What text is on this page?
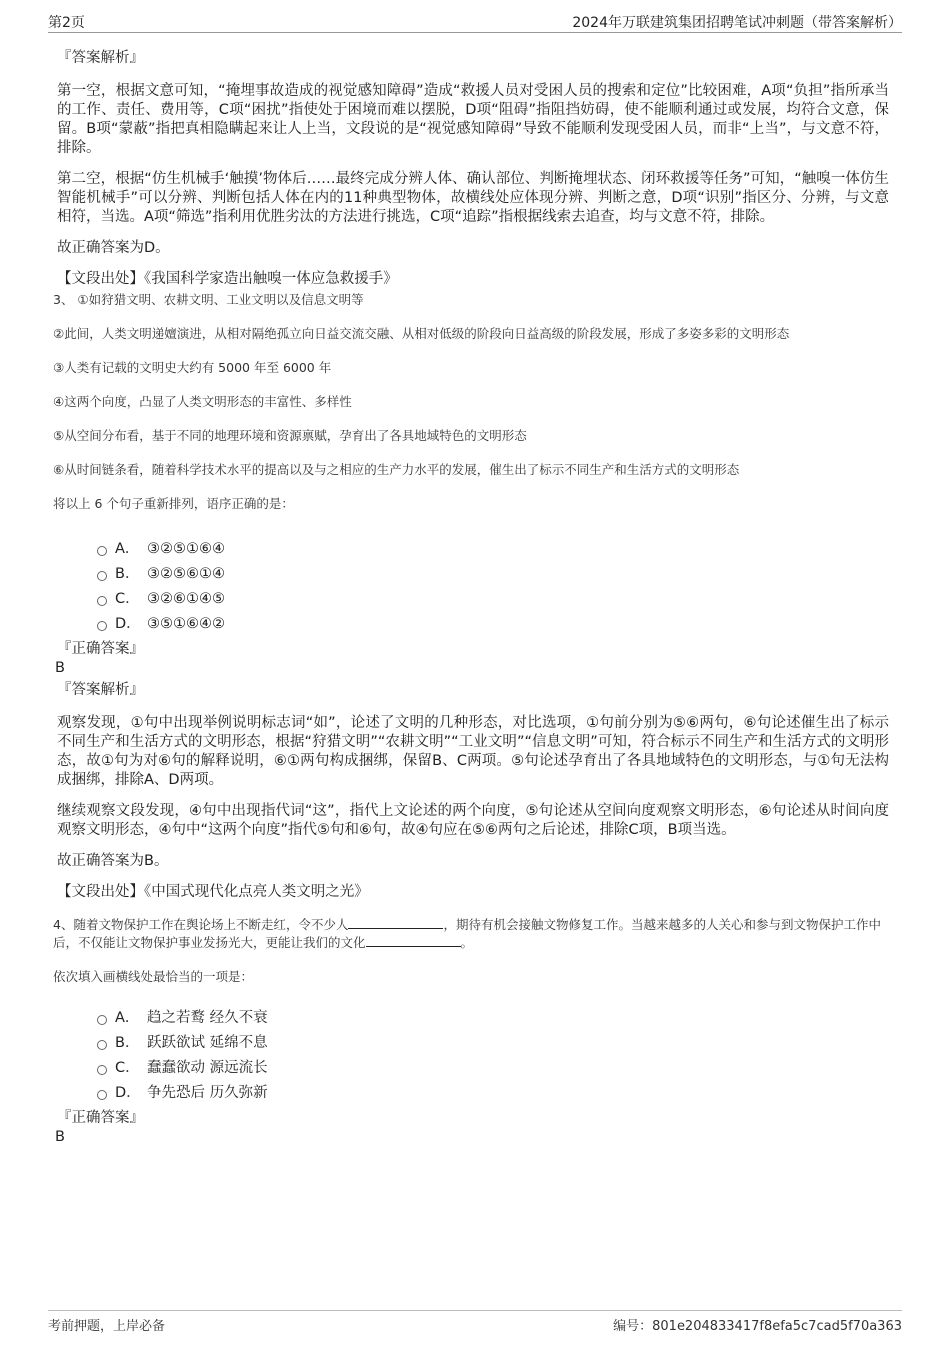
第2页	2024年万联建筑集团招聘笔试冲刺题（带答案解析）
『答案解析』

第一空，根据文意可知，“掩埋事故造成的视觉感知障碍”造成“救援人员对受困人员的搜索和定位”比较困难，A项“负担”指所承当的工作、责任、费用等，C项“困扰”指使处于困境而难以摆脱，D项“阻碍”指阻挡妨碍，使不能顺利通过或发展，均符合文意，保留。B项“蒙蔽”指把真相隐瞒起来让人上当，文段说的是“视觉感知障碍”导致不能顺利发现受困人员，而非“上当”，与文意不符，排除。

第二空，根据“仿生机械手‘触摸’物体后……最终完成分辨人体、确认部位、判断掩埋状态、闭环救援等任务”可知，“触嗅一体仿生智能机械手”可以分辨、判断包括人体在内的11种典型物体，故横线处应体现分辨、判断之意，D项“识别”指区分、分辨，与文意相符，当选。A项“筛选”指利用优胜劣汰的方法进行挑选，C项“追踪”指根据线索去追查，均与文意不符，排除。

故正确答案为D。

【文段出处】《我国科学家造出触嗅一体应急救援手》

3、 ①如狩猎文明、农耕文明、工业文明以及信息文明等

②此间，人类文明递嬗演进，从相对隔绝孤立向日益交流交融、从相对低级的阶段向日益高级的阶段发展，形成了多姿多彩的文明形态

③人类有记载的文明史大约有 5000 年至 6000 年

④这两个向度，凸显了人类文明形态的丰富性、多样性

⑤从空间分布看，基于不同的地理环境和资源禀赋，孕育出了各具地域特色的文明形态

⑥从时间链条看，随着科学技术水平的提高以及与之相应的生产力水平的发展，催生出了标示不同生产和生活方式的文明形态

将以上 6 个句子重新排列，语序正确的是：

A． ③②⑤①⑥④
B． ③②⑤⑥①④
C． ③②⑥①④⑤
D． ③⑤①⑥④②
『正确答案』
B
『答案解析』

观察发现，①句中出现举例说明标志词“如”，论述了文明的几种形态，对比选项，①句前分别为⑤⑥两句，⑥句论述催生出了标示不同生产和生活方式的文明形态，根据“狩猎文明”“农耕文明”“工业文明”“信息文明”可知，符合标示不同生产和生活方式的文明形态，故①句为对⑥句的解释说明，⑥①两句构成捆绑，保留B、C两项。⑤句论述孕育出了各具地域特色的文明形态，与①句无法构成捆绑，排除A、D两项。

继续观察文段发现，④句中出现指代词“这”，指代上文论述的两个向度，⑤句论述从空间向度观察文明形态，⑥句论述从时间向度观察文明形态，④句中“这两个向度”指代⑤句和⑥句，故④句应在⑤⑥两句之后论述，排除C项，B项当选。

故正确答案为B。

【文段出处】《中国式现代化点亮人类文明之光》

4、随着文物保护工作在舆论场上不断走红，令不少人	，期待有机会接触文物修复工作。当越来越多的人关心和参与到文物保护工作中后，不仅能让文物保护事业发扬光大，更能让我们的文化	。

依次填入画横线处最恰当的一项是：

A． 趋之若鹜 经久不衰
B． 跃跃欲试 延绵不息
C． 蠢蠢欲动 源远流长
D． 争先恐后 历久弥新
『正确答案』
B
考前押题，上岸必备	编号：801e204833417f8efa5c7cad5f70a363
